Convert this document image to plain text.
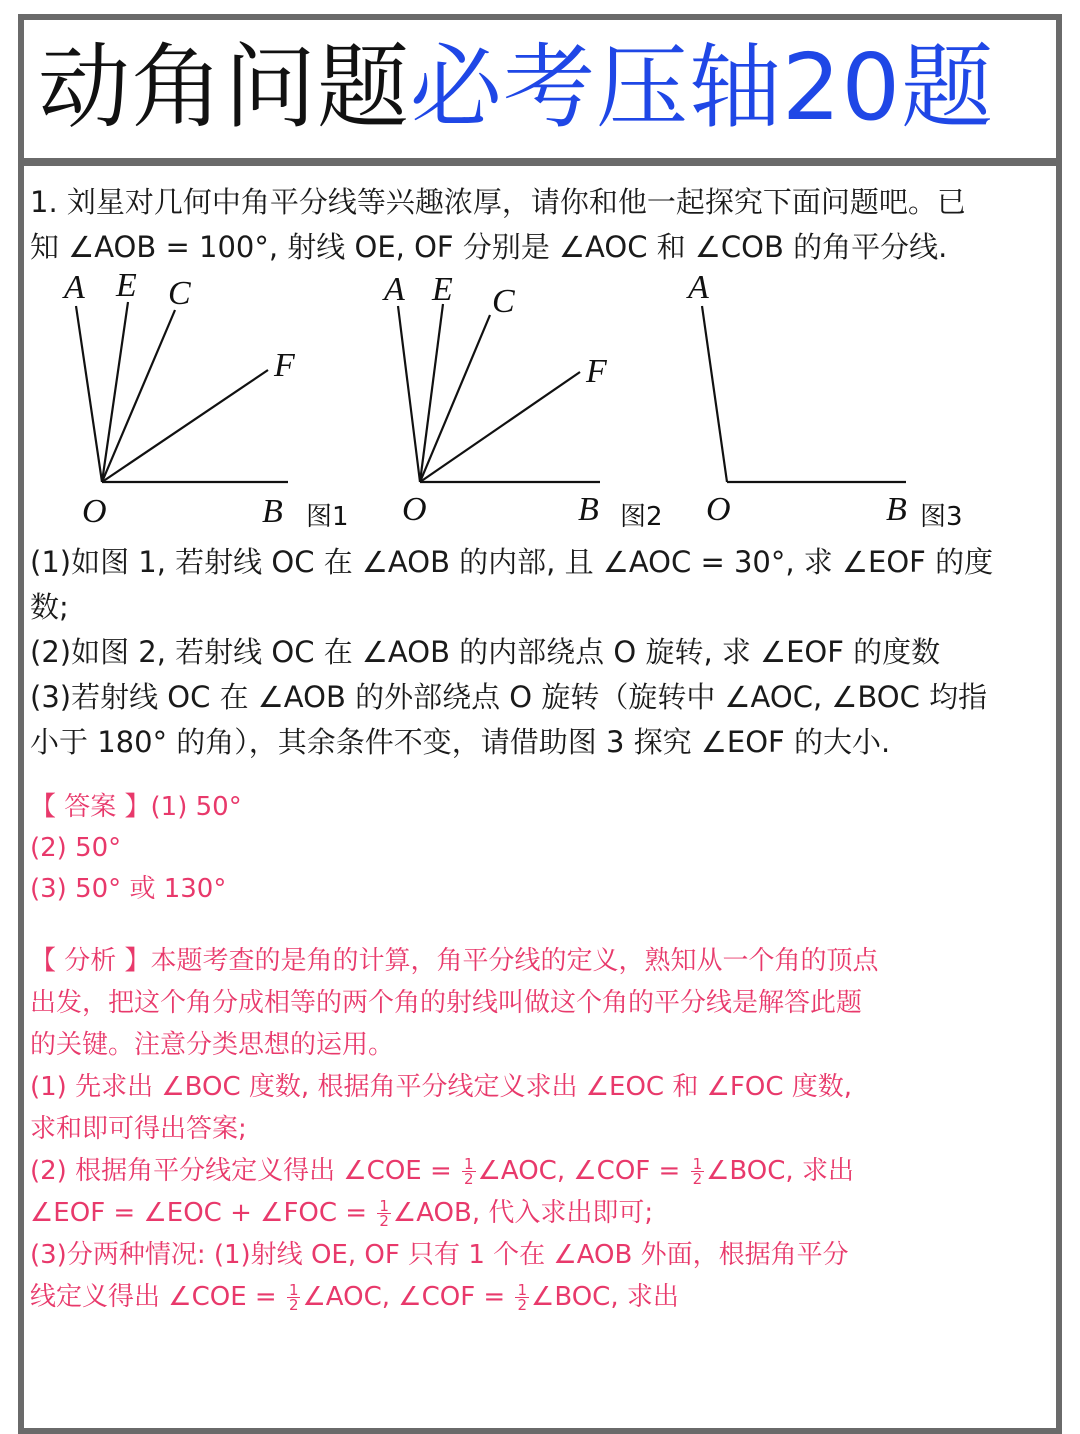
动角问题必考压轴20题
1. 刘星对几何中角平分线等兴趣浓厚，请你和他一起探究下面问题吧。已
知 ∠AOB = 100°, 射线 OE, OF 分别是 ∠AOC 和 ∠COB 的角平分线.
A E C
F
O	B
A E C
F
O	B
A
O	B
图1	图2	图3
(1)如图 1, 若射线 OC 在 ∠AOB 的内部, 且 ∠AOC = 30°, 求 ∠EOF 的度
数;
(2)如图 2, 若射线 OC 在 ∠AOB 的内部绕点 O 旋转, 求 ∠EOF 的度数
(3)若射线 OC 在 ∠AOB 的外部绕点 O 旋转（旋转中 ∠AOC, ∠BOC 均指
小于 180° 的角），其余条件不变，请借助图 3 探究 ∠EOF 的大小.
【 答案 】(1) 50°
(2) 50°
(3) 50° 或 130°
【 分析 】本题考查的是角的计算，角平分线的定义，熟知从一个角的顶点
出发，把这个角分成相等的两个角的射线叫做这个角的平分线是解答此题
的关键。注意分类思想的运用。
(1) 先求出 ∠BOC 度数, 根据角平分线定义求出 ∠EOC 和 ∠FOC 度数,
求和即可得出答案;
(2) 根据角平分线定义得出 ∠COE = $\frac{1}{2}$ ∠AOC, ∠COF = $\frac{1}{2}$ ∠BOC, 求出
∠EOF = ∠EOC + ∠FOC = $\frac{1}{2}$ ∠AOB, 代入求出即可;
(3)分两种情况: (1)射线 OE, OF 只有 1 个在 ∠AOB 外面，根据角平分
线定义得出 ∠COE = $\frac{1}{2}$ ∠AOC, ∠COF = $\frac{1}{2}$ ∠BOC, 求出
